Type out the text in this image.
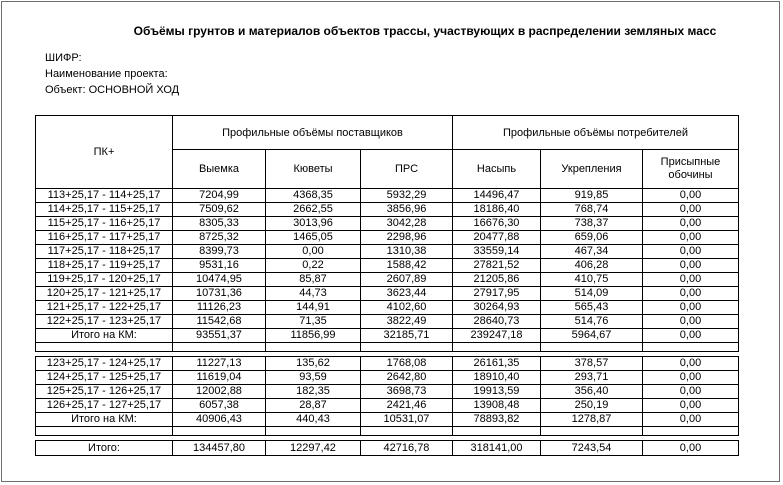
Объёмы грунтов и материалов объектов трассы, участвующих в распределении земляных масс
ШИФР:
Наименование проекта:
Объект: ОСНОВНОЙ ХОД
ПК+	Профильные объёмы поставщиков			Профильные объёмы потребителей		
	Выемка	Кюветы	ПРС	Насыпь	Укрепления	Присыпные обочины
113+25,17 - 114+25,17	7204,99	4368,35	5932,29	14496,47	919,85	0,00
114+25,17 - 115+25,17	7509,62	2662,55	3856,96	18186,40	768,74	0,00
115+25,17 - 116+25,17	8305,33	3013,96	3042,28	16676,30	738,37	0,00
116+25,17 - 117+25,17	8725,32	1465,05	2298,96	20477,88	659,06	0,00
117+25,17 - 118+25,17	8399,73	0,00	1310,38	33559,14	467,34	0,00
118+25,17 - 119+25,17	9531,16	0,22	1588,42	27821,52	406,28	0,00
119+25,17 - 120+25,17	10474,95	85,87	2607,89	21205,86	410,75	0,00
120+25,17 - 121+25,17	10731,36	44,73	3623,44	27917,95	514,09	0,00
121+25,17 - 122+25,17	11126,23	144,91	4102,60	30264,93	565,43	0,00
122+25,17 - 123+25,17	11542,68	71,35	3822,49	28640,73	514,76	0,00
Итого на КМ:	93551,37	11856,99	32185,71	239247,18	5964,67	0,00

123+25,17 - 124+25,17	11227,13	135,62	1768,08	26161,35	378,57	0,00
124+25,17 - 125+25,17	11619,04	93,59	2642,80	18910,40	293,71	0,00
125+25,17 - 126+25,17	12002,88	182,35	3698,73	19913,59	356,40	0,00
126+25,17 - 127+25,17	6057,38	28,87	2421,46	13908,48	250,19	0,00
Итого на КМ:	40906,43	440,43	10531,07	78893,82	1278,87	0,00

Итого:	134457,80	12297,42	42716,78	318141,00	7243,54	0,00
